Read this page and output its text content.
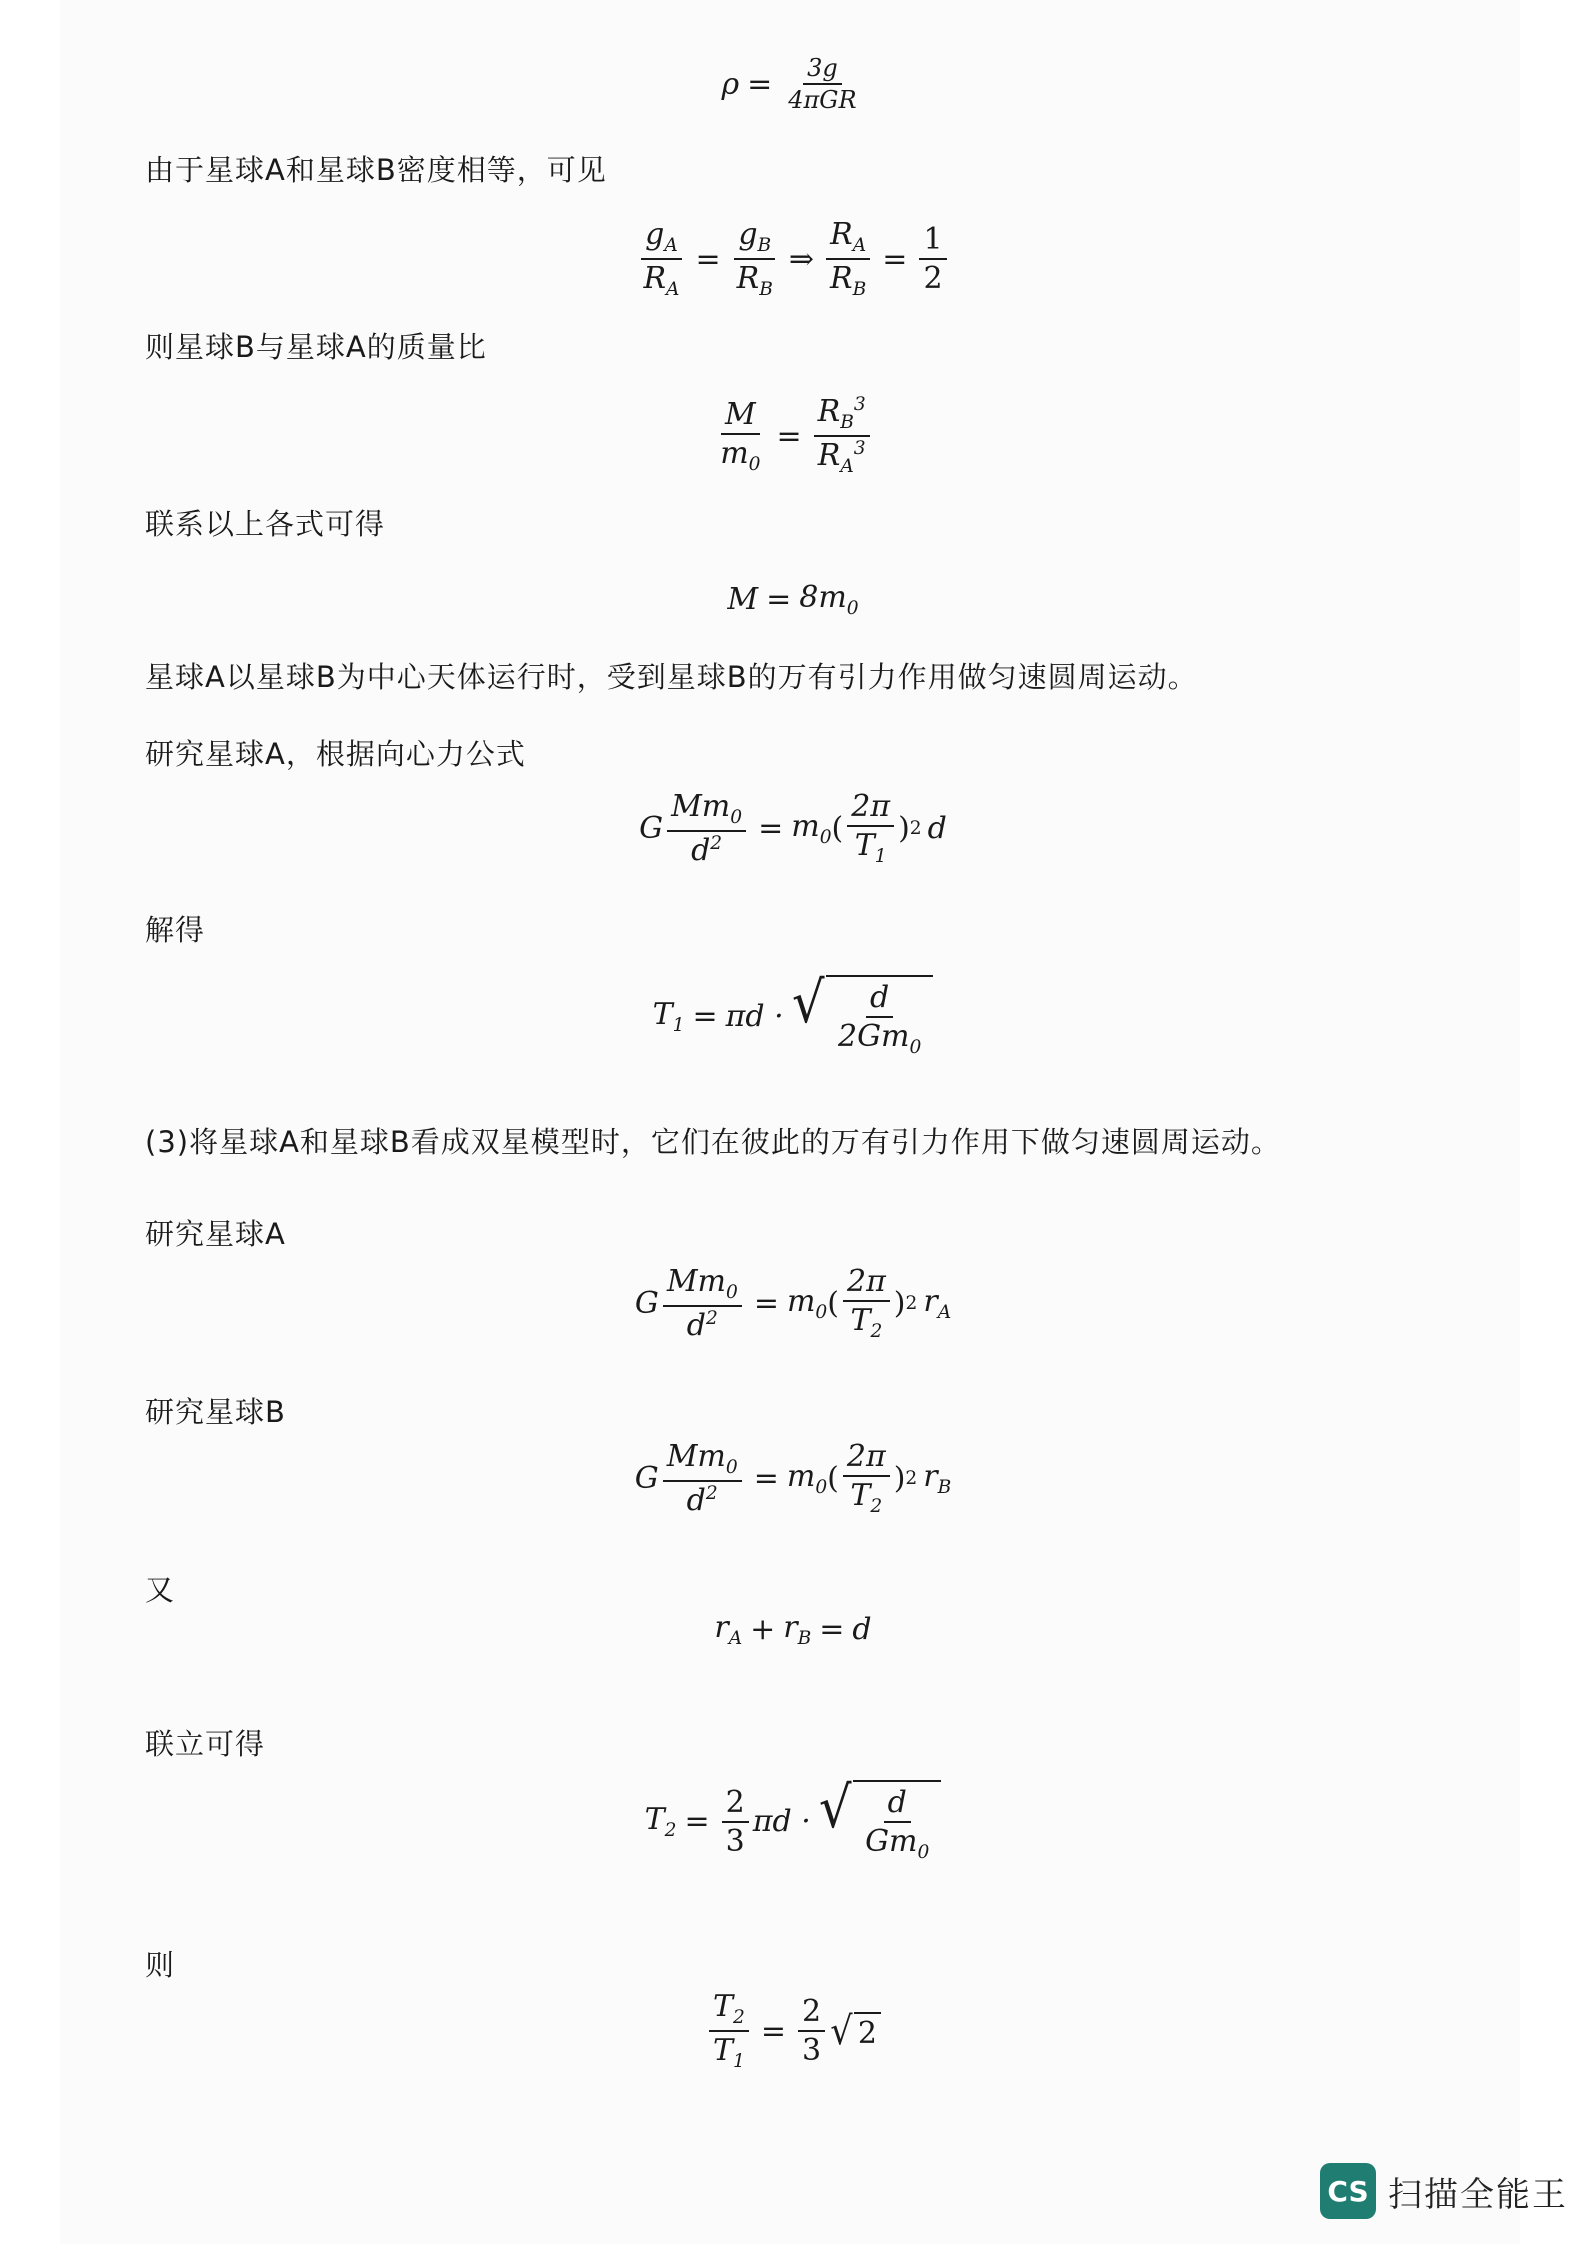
$\rho = \frac{3g}{\text{4πGR}}$
由于星球A和星球B密度相等，可见
$\frac{g_A}{R_A} = \frac{g_B}{R_B}$ ⇒ $\frac{R_A}{R_B} = \frac{1}{2}$
则星球B与星球A的质量比
$\frac{M}{m_0} = \frac{R_B^3}{R_A^3}$
联系以上各式可得
$M = 8m_0$
星球A以星球B为中心天体运行时，受到星球B的万有引力作用做匀速圆周运动。
研究星球A，根据向心力公式
G $\frac{Mm_0}{d^2} = m_0$ ( $\frac{2\pi}{T_1}$ ) 2 d
解得
$T_1 = \pi d$ · √ $\frac{d}{2Gm_0}$
(3)将星球A和星球B看成双星模型时，它们在彼此的万有引力作用下做匀速圆周运动。
研究星球A
G $\frac{Mm_0}{d^2} = m_0$ ( $\frac{2\pi}{T_2}$ ) 2 $r_A$
研究星球B
G $\frac{Mm_0}{d^2} = m_0$ ( $\frac{2\pi}{T_2}$ ) 2 $r_B$
又
$r_A + r_B = d$
联立可得
$T_2 = \frac{2}{3}$ πd · √ $\frac{d}{Gm_0}$
则
$\frac{T_2}{T_1} = \frac{2}{3}$ √ 2
CS 扫描全能王
